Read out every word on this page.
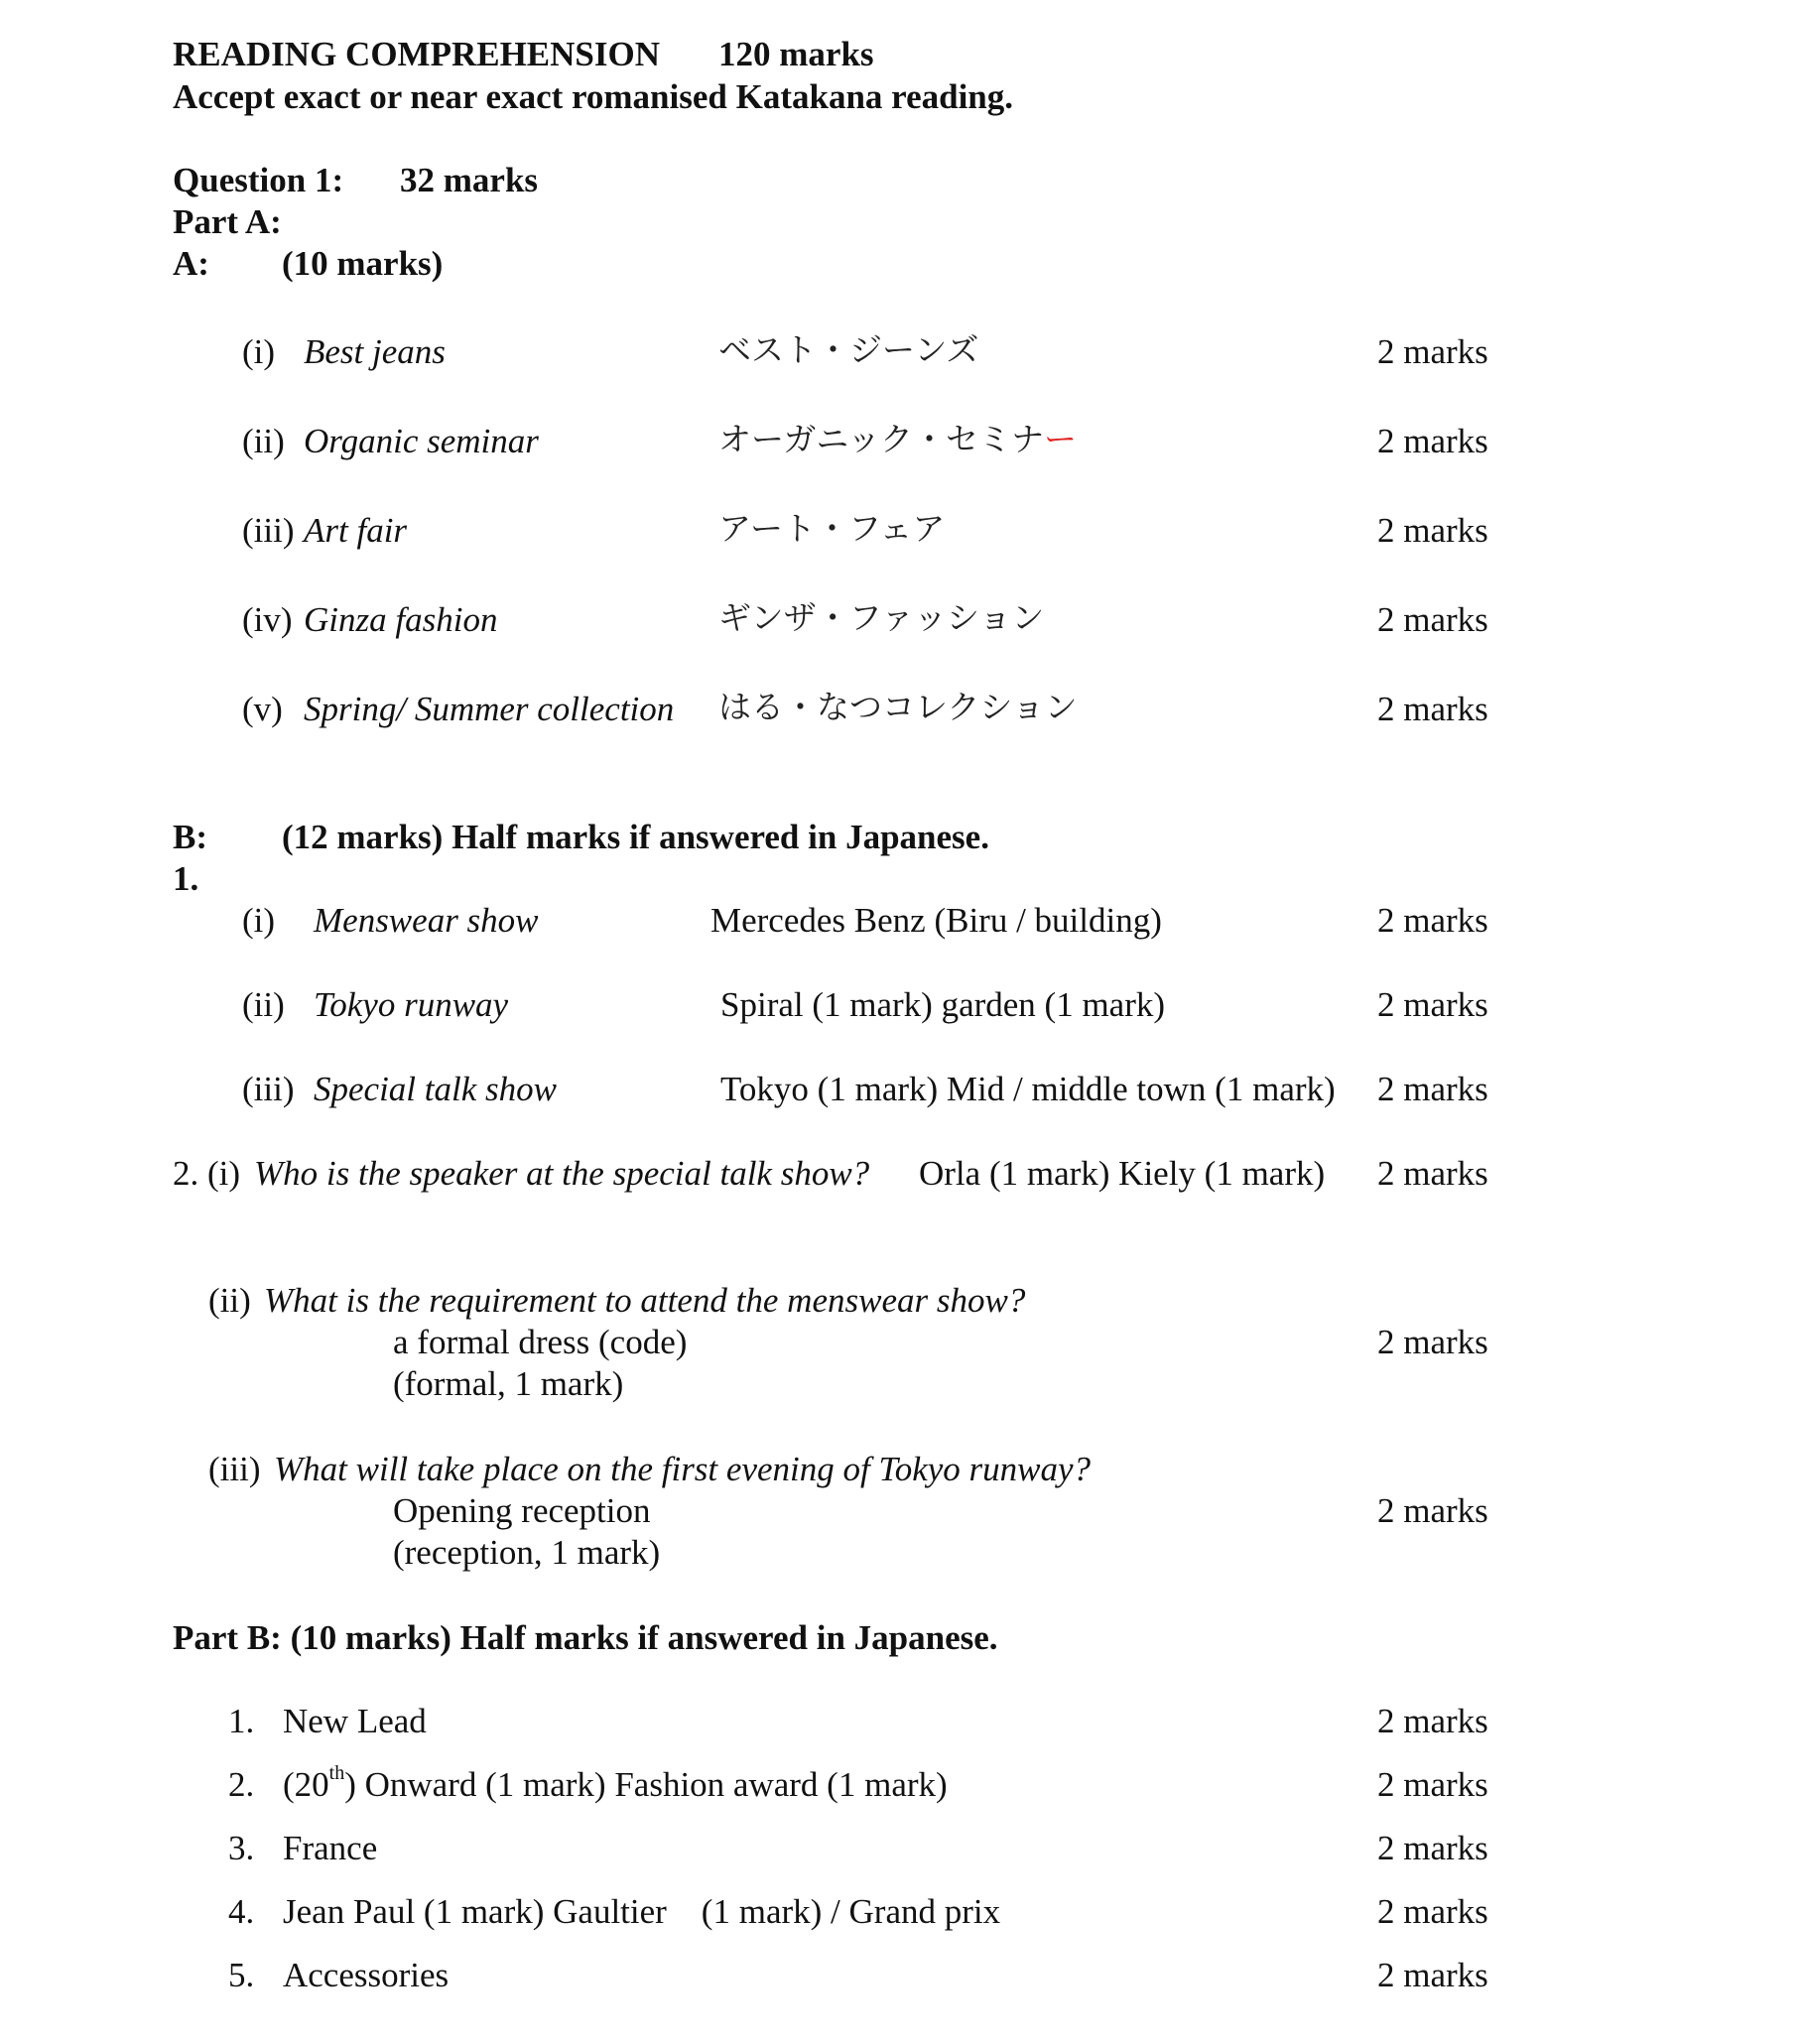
READING COMPREHENSION 120 marks
Accept exact or near exact romanised Katakana reading.
Question 1: 32 marks
Part A:
A: (10 marks)
(i) Best jeans	ベスト・ジーンズ	2 marks
(ii) Organic seminar	オーガニック・セミナー	2 marks
(iii) Art fair	アート・フェア	2 marks
(iv) Ginza fashion	ギンザ・ファッション	2 marks
(v) Spring/ Summer collection はる・なつコレクション	2 marks
B: (12 marks) Half marks if answered in Japanese.
1.
(i) Menswear show	Mercedes Benz (Biru / building)	2 marks
(ii) Tokyo runway	Spiral (1 mark) garden (1 mark)	2 marks
(iii) Special talk show	Tokyo (1 mark) Mid / middle town (1 mark) 2 marks
2. (i) Who is the speaker at the special talk show? Orla (1 mark) Kiely (1 mark) 2 marks
(ii) What is the requirement to attend the menswear show?
a formal dress (code)
(formal, 1 mark)
2 marks
(iii) What will take place on the first evening of Tokyo runway?
Opening reception
(reception, 1 mark)
2 marks
Part B: (10 marks) Half marks if answered in Japanese.
1. New Lead	2 marks
2. (20th) Onward (1 mark) Fashion award (1 mark)	2 marks
3. France	2 marks
4. Jean Paul (1 mark) Gaultier    (1 mark) / Grand prix	2 marks
5. Accessories	2 marks
